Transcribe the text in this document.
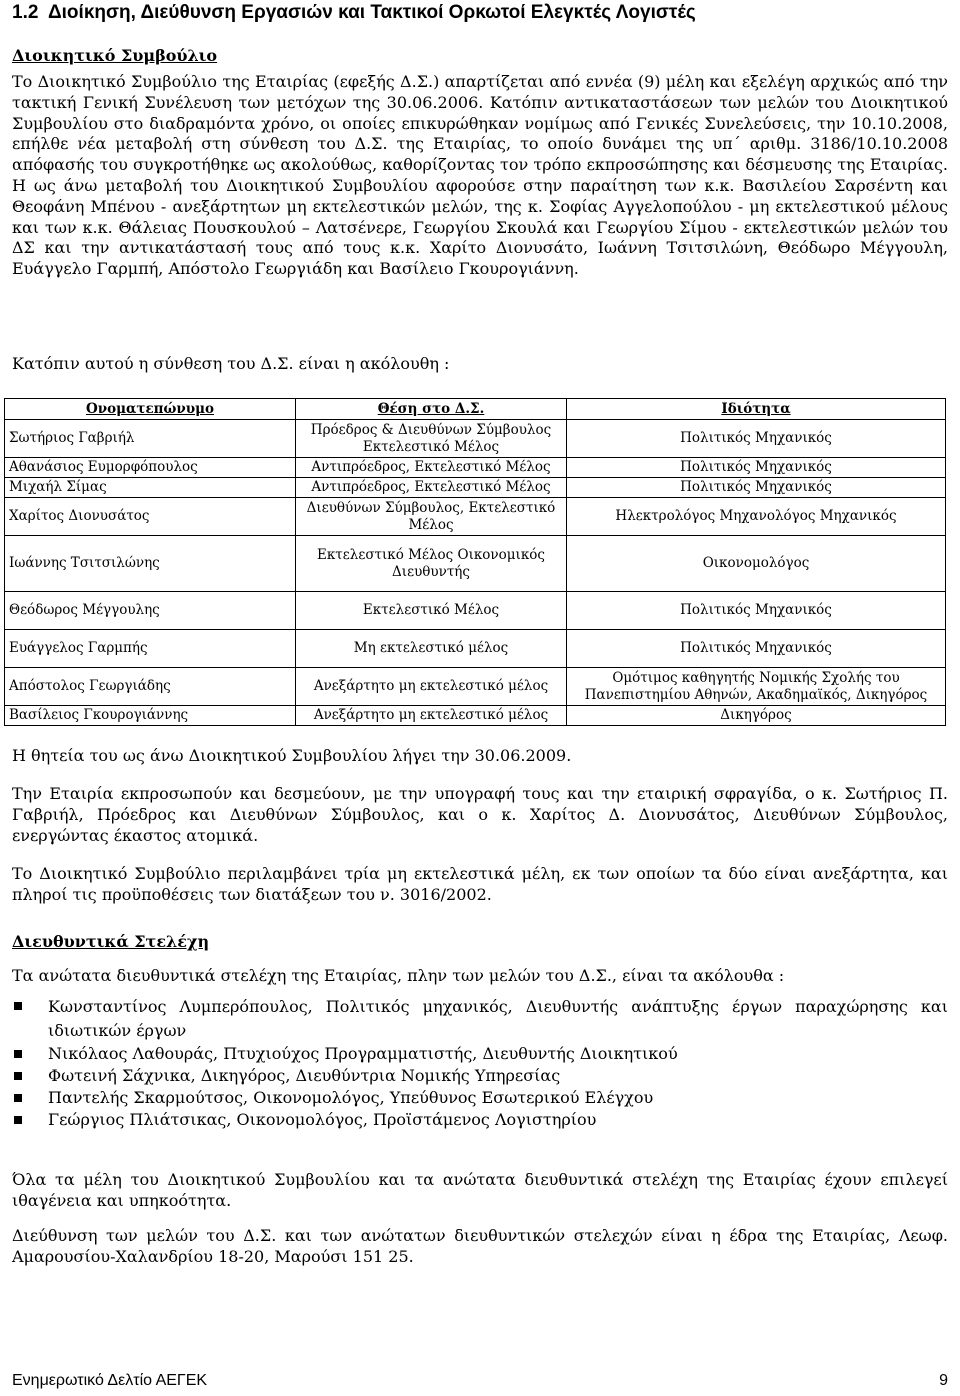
1.2 Διοίκηση, Διεύθυνση Εργασιών και Τακτικοί Ορκωτοί Ελεγκτές Λογιστές
Διοικητικό Συμβούλιο
Το Διοικητικό Συμβούλιο της Εταιρίας (εφεξής Δ.Σ.) απαρτίζεται από εννέα (9) μέλη και εξελέγη αρχικώς από την τακτική Γενική Συνέλευση των μετόχων της 30.06.2006. Κατόπιν αντικαταστάσεων των μελών του Διοικητικού Συμβουλίου στο διαδραμόντα χρόνο, οι οποίες επικυρώθηκαν νομίμως από Γενικές Συνελεύσεις, την 10.10.2008, επήλθε νέα μεταβολή στη σύνθεση του Δ.Σ. της Εταιρίας, το οποίο δυνάμει της υπ΄ αριθμ. 3186/10.10.2008 απόφασής του συγκροτήθηκε ως ακολούθως, καθορίζοντας τον τρόπο εκπροσώπησης και δέσμευσης της Εταιρίας. Η ως άνω μεταβολή του Διοικητικού Συμβουλίου αφορούσε στην παραίτηση των κ.κ. Βασιλείου Σαρσέντη και Θεοφάνη Μπένου - ανεξάρτητων μη εκτελεστικών μελών, της κ. Σοφίας Αγγελοπούλου - μη εκτελεστικού μέλους και των κ.κ. Θάλειας Πουσκουλού – Λατσένερε, Γεωργίου Σκουλά και Γεωργίου Σίμου - εκτελεστικών μελών του ΔΣ και την αντικατάστασή τους από τους κ.κ. Χαρίτο Διονυσάτο, Ιωάννη Τσιτσιλώνη, Θεόδωρο Μέγγουλη, Ευάγγελο Γαρμπή, Απόστολο Γεωργιάδη και Βασίλειο Γκουρογιάννη.
Κατόπιν αυτού η σύνθεση του Δ.Σ. είναι η ακόλουθη :
Ονοματεπώνυμο	Θέση στο Δ.Σ.	Ιδιότητα
Σωτήριος Γαβριήλ	Πρόεδρος & Διευθύνων Σύμβουλος Εκτελεστικό Μέλος	Πολιτικός Μηχανικός
Αθανάσιος Ευμορφόπουλος	Αντιπρόεδρος, Εκτελεστικό Μέλος	Πολιτικός Μηχανικός
Μιχαήλ Σίμας	Αντιπρόεδρος, Εκτελεστικό Μέλος	Πολιτικός Μηχανικός
Χαρίτος Διονυσάτος	Διευθύνων Σύμβουλος, Εκτελεστικό Μέλος	Ηλεκτρολόγος Μηχανολόγος Μηχανικός
Ιωάννης Τσιτσιλώνης	Εκτελεστικό Μέλος Οικονομικός Διευθυντής	Οικονομολόγος
Θεόδωρος Μέγγουλης	Εκτελεστικό Μέλος	Πολιτικός Μηχανικός
Ευάγγελος Γαρμπής	Μη εκτελεστικό μέλος	Πολιτικός Μηχανικός
Απόστολος Γεωργιάδης	Ανεξάρτητο μη εκτελεστικό μέλος	Ομότιμος καθηγητής Νομικής Σχολής του Πανεπιστημίου Αθηνών, Ακαδημαϊκός, Δικηγόρος
Βασίλειος Γκουρογιάννης	Ανεξάρτητο μη εκτελεστικό μέλος	Δικηγόρος
Η θητεία του ως άνω Διοικητικού Συμβουλίου λήγει την 30.06.2009.
Την Εταιρία εκπροσωπούν και δεσμεύουν, με την υπογραφή τους και την εταιρική σφραγίδα, ο κ. Σωτήριος Π. Γαβριήλ, Πρόεδρος και Διευθύνων Σύμβουλος, και ο κ. Χαρίτος Δ. Διονυσάτος, Διευθύνων Σύμβουλος, ενεργώντας έκαστος ατομικά.
Το Διοικητικό Συμβούλιο περιλαμβάνει τρία μη εκτελεστικά μέλη, εκ των οποίων τα δύο είναι ανεξάρτητα, και πληροί τις προϋποθέσεις των διατάξεων του ν. 3016/2002.
Διευθυντικά Στελέχη
Τα ανώτατα διευθυντικά στελέχη της Εταιρίας, πλην των μελών του Δ.Σ., είναι τα ακόλουθα :
Κωνσταντίνος Λυμπερόπουλος, Πολιτικός μηχανικός, Διευθυντής ανάπτυξης έργων παραχώρησης και ιδιωτικών έργων
Νικόλαος Λαθουράς, Πτυχιούχος Προγραμματιστής, Διευθυντής Διοικητικού
Φωτεινή Σάχνικα, Δικηγόρος, Διευθύντρια Νομικής Υπηρεσίας
Παντελής Σκαρμούτσος, Οικονομολόγος, Υπεύθυνος Εσωτερικού Ελέγχου
Γεώργιος Πλιάτσικας, Οικονομολόγος, Προϊστάμενος Λογιστηρίου
Όλα τα μέλη του Διοικητικού Συμβουλίου και τα ανώτατα διευθυντικά στελέχη της Εταιρίας έχουν επιλεγεί ιθαγένεια και υπηκοότητα.
Διεύθυνση των μελών του Δ.Σ. και των ανώτατων διευθυντικών στελεχών είναι η έδρα της Εταιρίας, Λεωφ. Αμαρουσίου-Χαλανδρίου 18-20, Μαρούσι 151 25.
Ενημερωτικό Δελτίο ΑΕΓΕΚ	9
